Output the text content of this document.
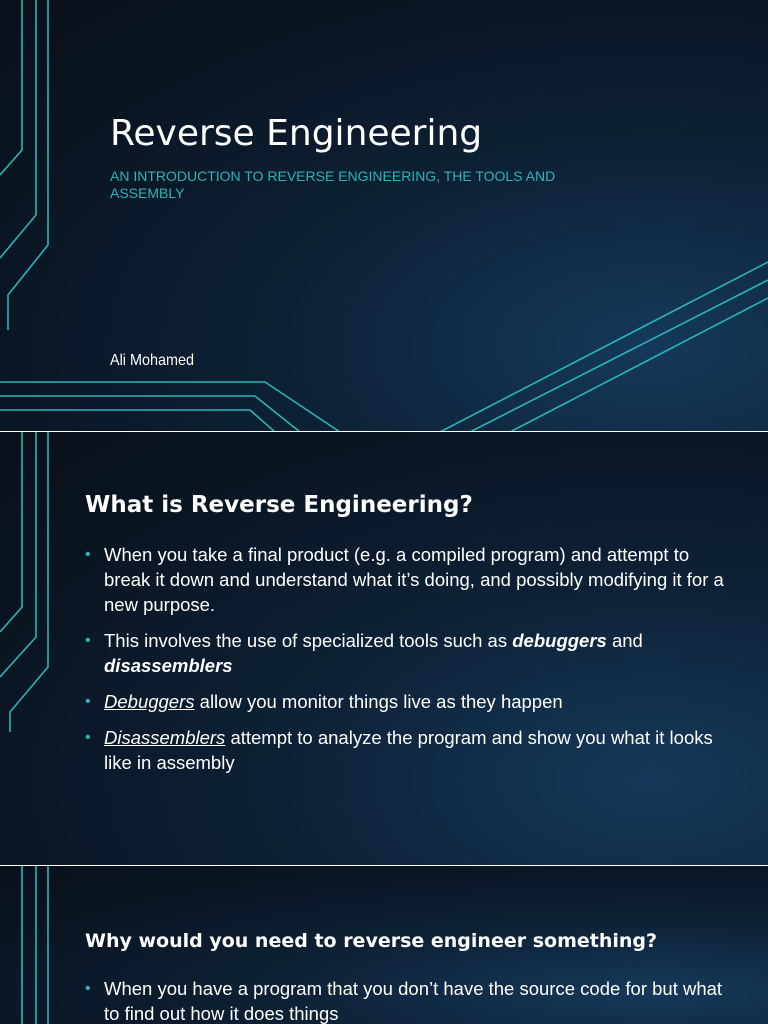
Reverse Engineering
AN INTRODUCTION TO REVERSE ENGINEERING, THE TOOLS AND ASSEMBLY
Ali Mohamed
What is Reverse Engineering?
• When you take a final product (e.g. a compiled program) and attempt to break it down and understand what it’s doing, and possibly modifying it for a new purpose.
• This involves the use of specialized tools such as debuggers and disassemblers
• Debuggers allow you monitor things live as they happen
• Disassemblers attempt to analyze the program and show you what it looks like in assembly
Why would you need to reverse engineer something?
• When you have a program that you don’t have the source code for but what to find out how it does things
